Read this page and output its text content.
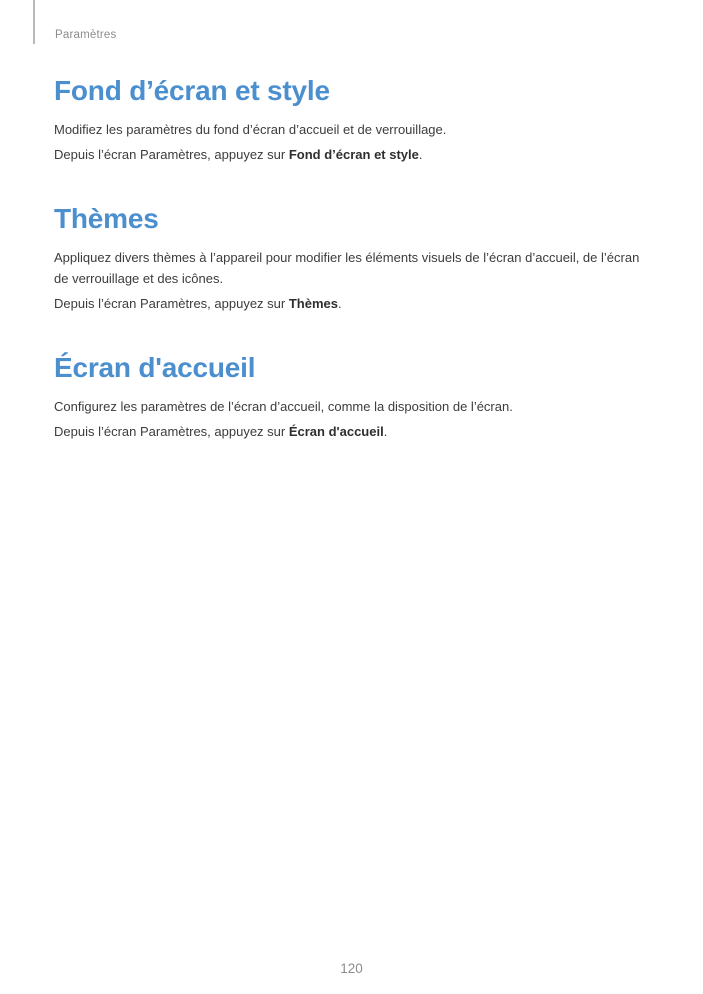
Paramètres
Fond d’écran et style

Modifiez les paramètres du fond d’écran d’accueil et de verrouillage.

Depuis l’écran Paramètres, appuyez sur Fond d’écran et style.

Thèmes

Appliquez divers thèmes à l’appareil pour modifier les éléments visuels de l’écran d’accueil, de l’écran de verrouillage et des icônes.

Depuis l’écran Paramètres, appuyez sur Thèmes.

Écran d'accueil

Configurez les paramètres de l’écran d’accueil, comme la disposition de l’écran.

Depuis l’écran Paramètres, appuyez sur Écran d'accueil.

120
